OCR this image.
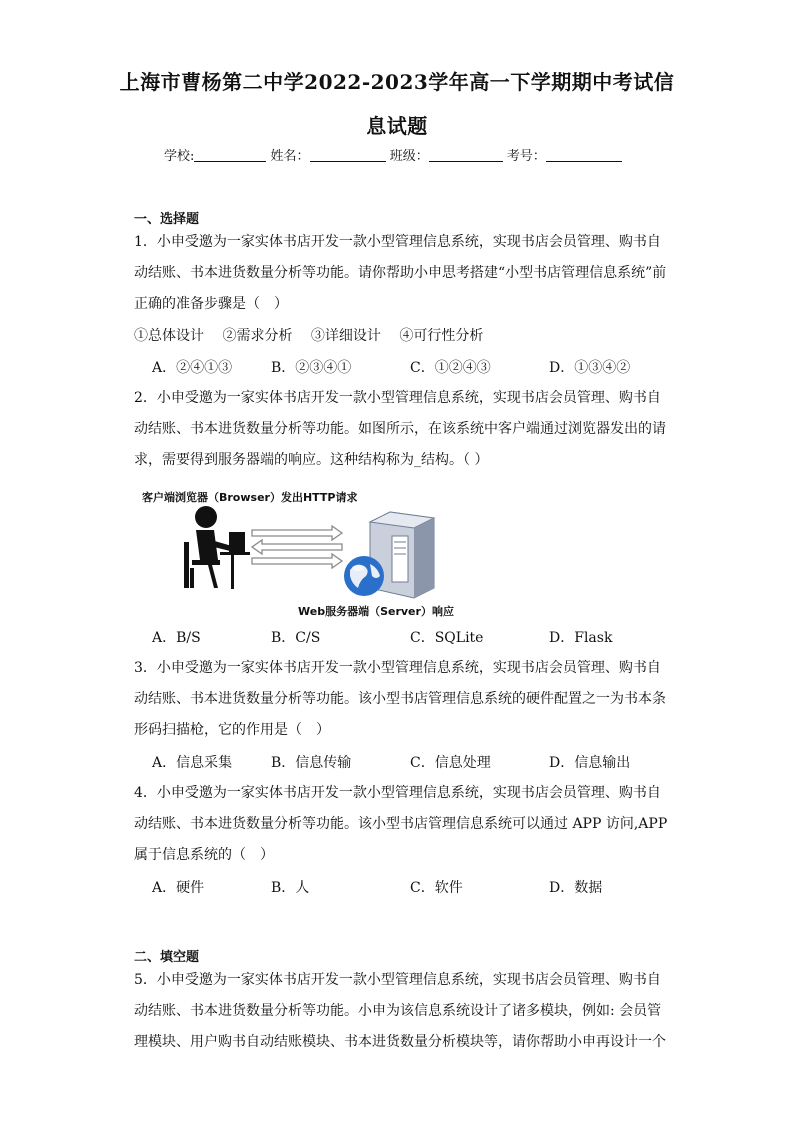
上海市曹杨第二中学2022-2023学年高一下学期期中考试信
息试题
学校:	姓名：	班级：	考号：
一、选择题
1．小申受邀为一家实体书店开发一款小型管理信息系统，实现书店会员管理、购书自
动结账、书本进货数量分析等功能。请你帮助小申思考搭建“小型书店管理信息系统”前
正确的准备步骤是（　）
①总体设计　 ②需求分析　 ③详细设计　 ④可行性分析
A．②④①③	B．②③④①	C．①②④③	D．①③④②
2．小申受邀为一家实体书店开发一款小型管理信息系统，实现书店会员管理、购书自
动结账、书本进货数量分析等功能。如图所示，在该系统中客户端通过浏览器发出的请
求，需要得到服务器端的响应。这种结构称为_结构。（ ）
客户端浏览器（Browser）发出HTTP请求
Web服务器端（Server）响应
A．B/S	B．C/S	C．SQLite	D．Flask
3．小申受邀为一家实体书店开发一款小型管理信息系统，实现书店会员管理、购书自
动结账、书本进货数量分析等功能。该小型书店管理信息系统的硬件配置之一为书本条
形码扫描枪，它的作用是（　）
A．信息采集	B．信息传输	C．信息处理	D．信息输出
4．小申受邀为一家实体书店开发一款小型管理信息系统，实现书店会员管理、购书自
动结账、书本进货数量分析等功能。该小型书店管理信息系统可以通过 APP 访问,APP
属于信息系统的（　）
A．硬件	B．人	C．软件	D．数据
二、填空题
5．小申受邀为一家实体书店开发一款小型管理信息系统，实现书店会员管理、购书自
动结账、书本进货数量分析等功能。小申为该信息系统设计了诸多模块，例如: 会员管
理模块、用户购书自动结账模块、书本进货数量分析模块等，请你帮助小申再设计一个
